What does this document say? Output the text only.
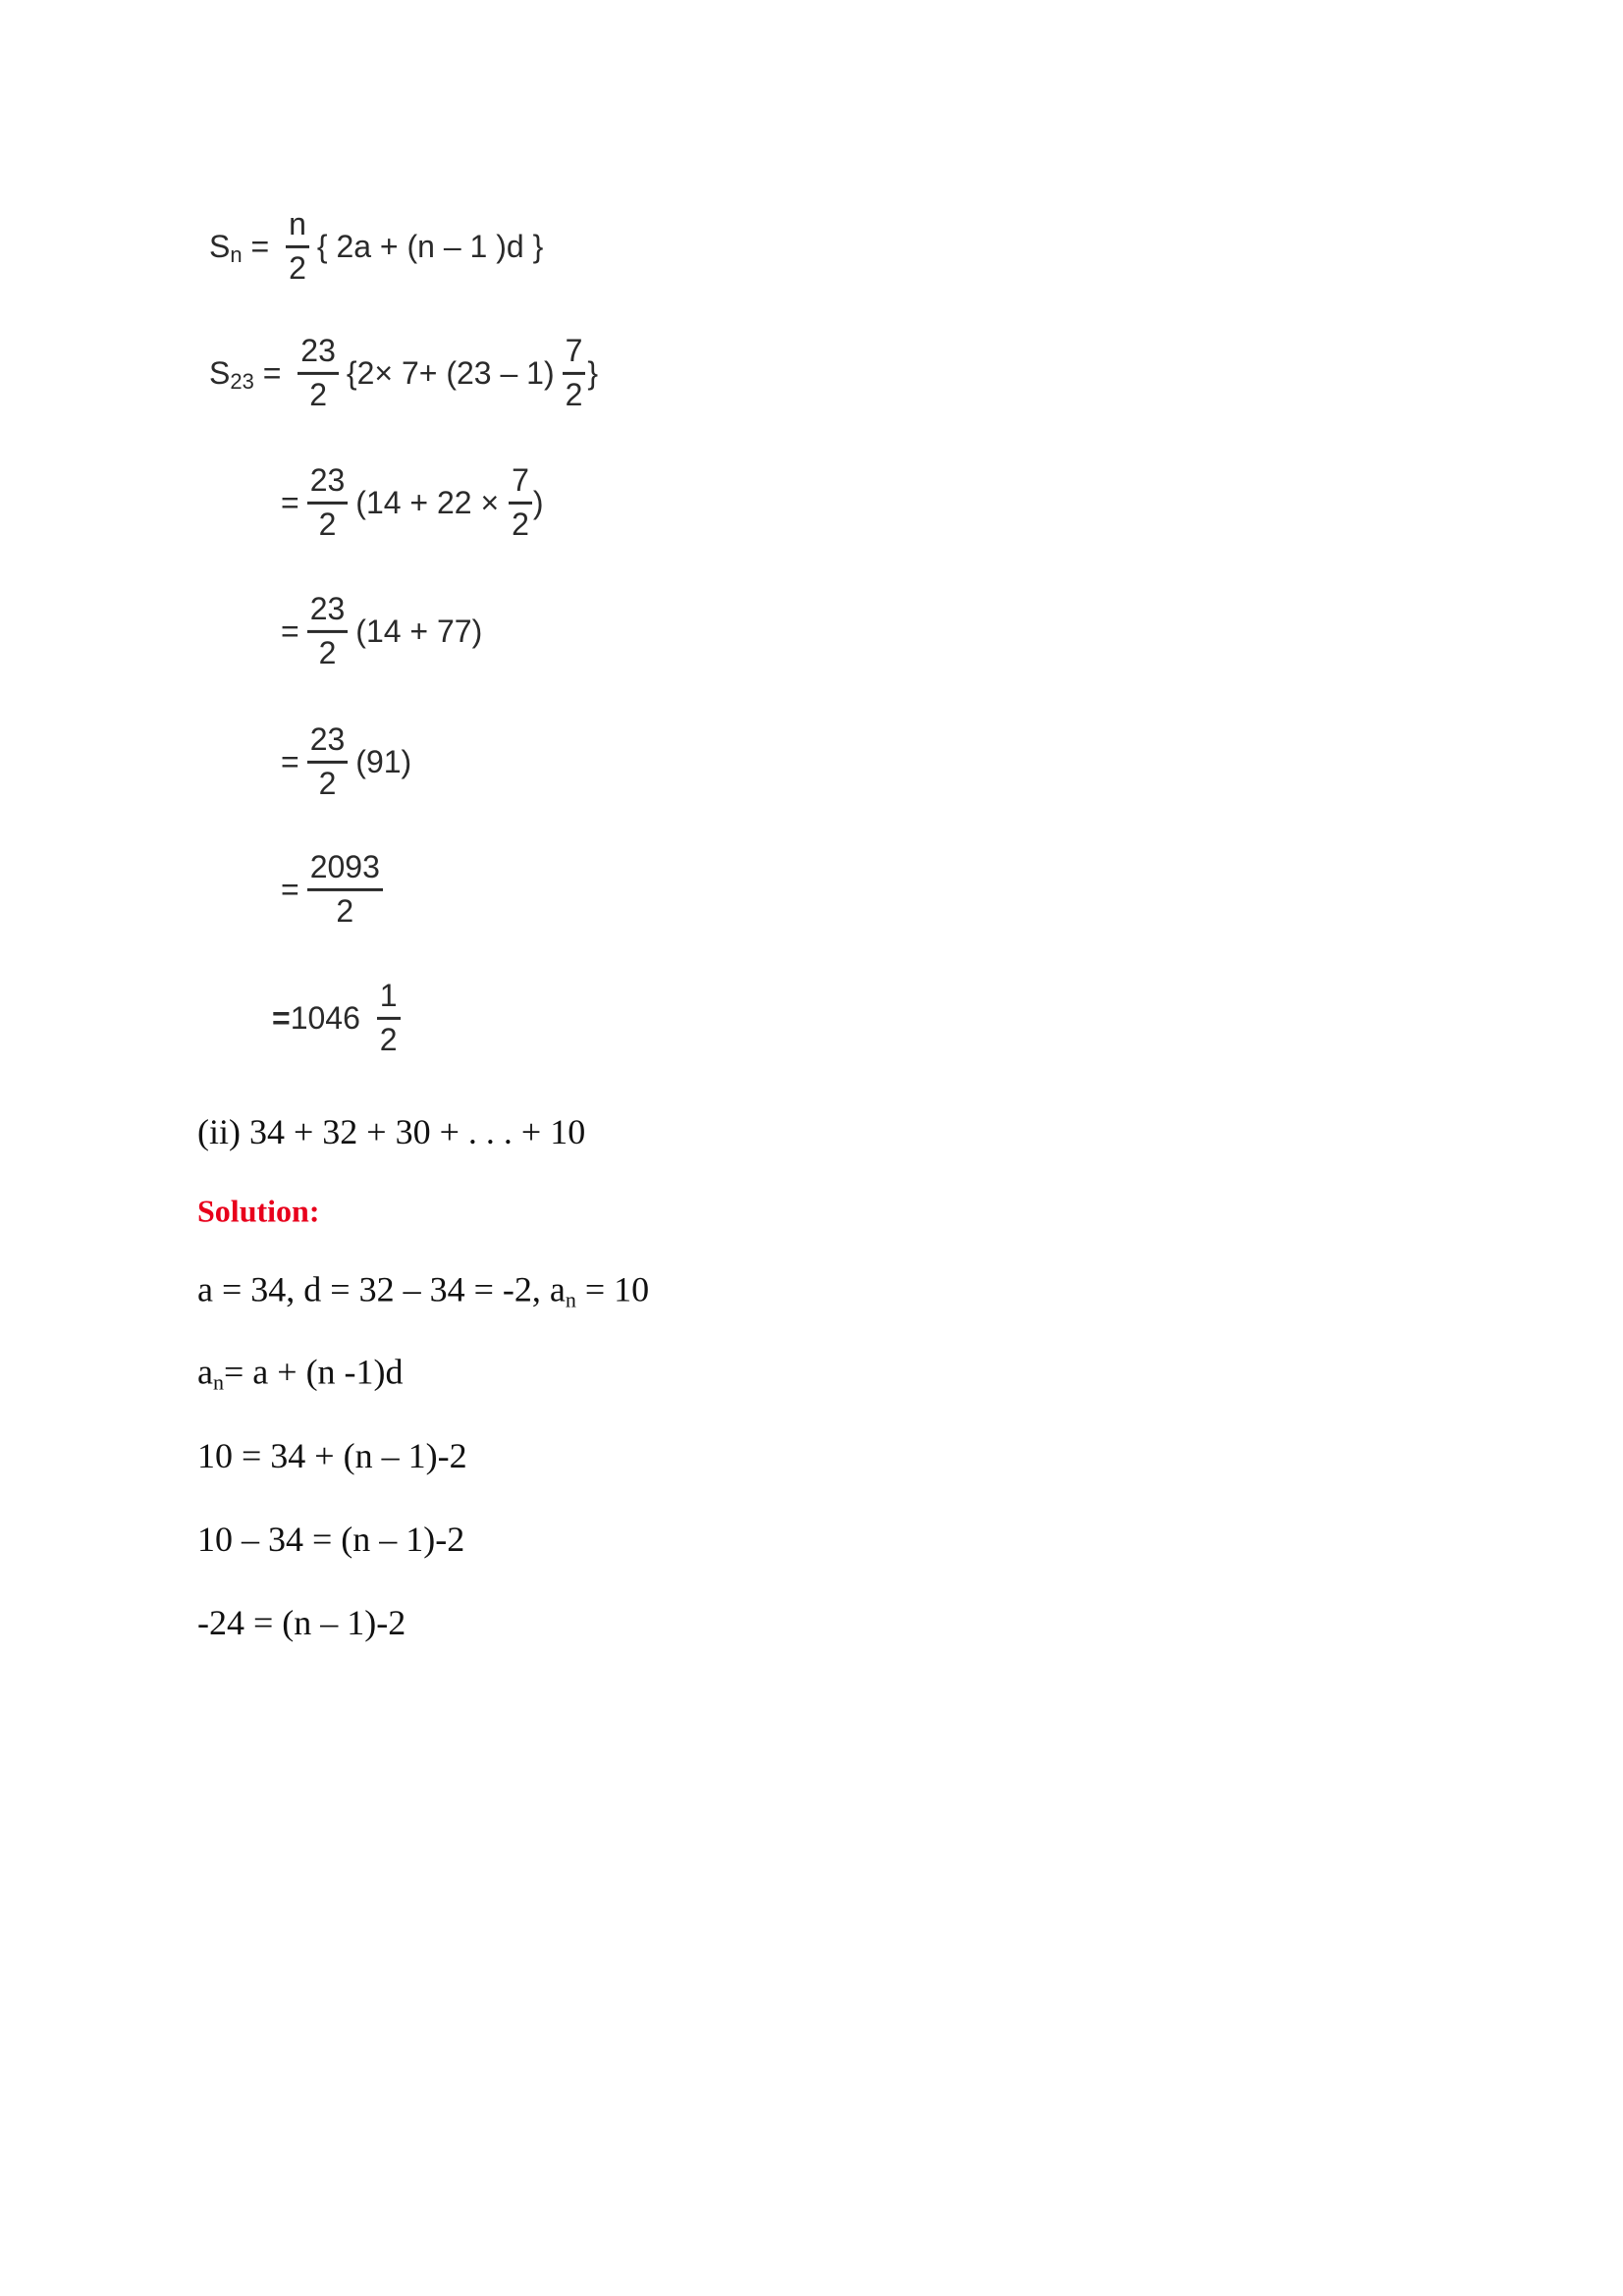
S $n = \frac{n}{2}$ { 2a + (n – 1 )d }
S $23 = \frac{23}{2} \{2\times 7+ (23 - 1) \frac{7}{2}$ }
= $\frac{23}{2} (14 + 22 \times \frac{7}{2}$ )
= $\frac{23}{2} (14 + 77)$
= $\frac{23}{2} (91)$
= $\frac{2093}{2}$
= $1046 \frac{1}{2}$
(ii) 34 + 32 + 30 + . . . + 10
Solution:
a = 34, d = 32 – 34 = -2, $a_n = 10$
$a_n= a + (n$ -1)d
10 = 34 + (n – 1)-2
10 – 34 = (n – 1)-2
-24 = (n – 1)-2
